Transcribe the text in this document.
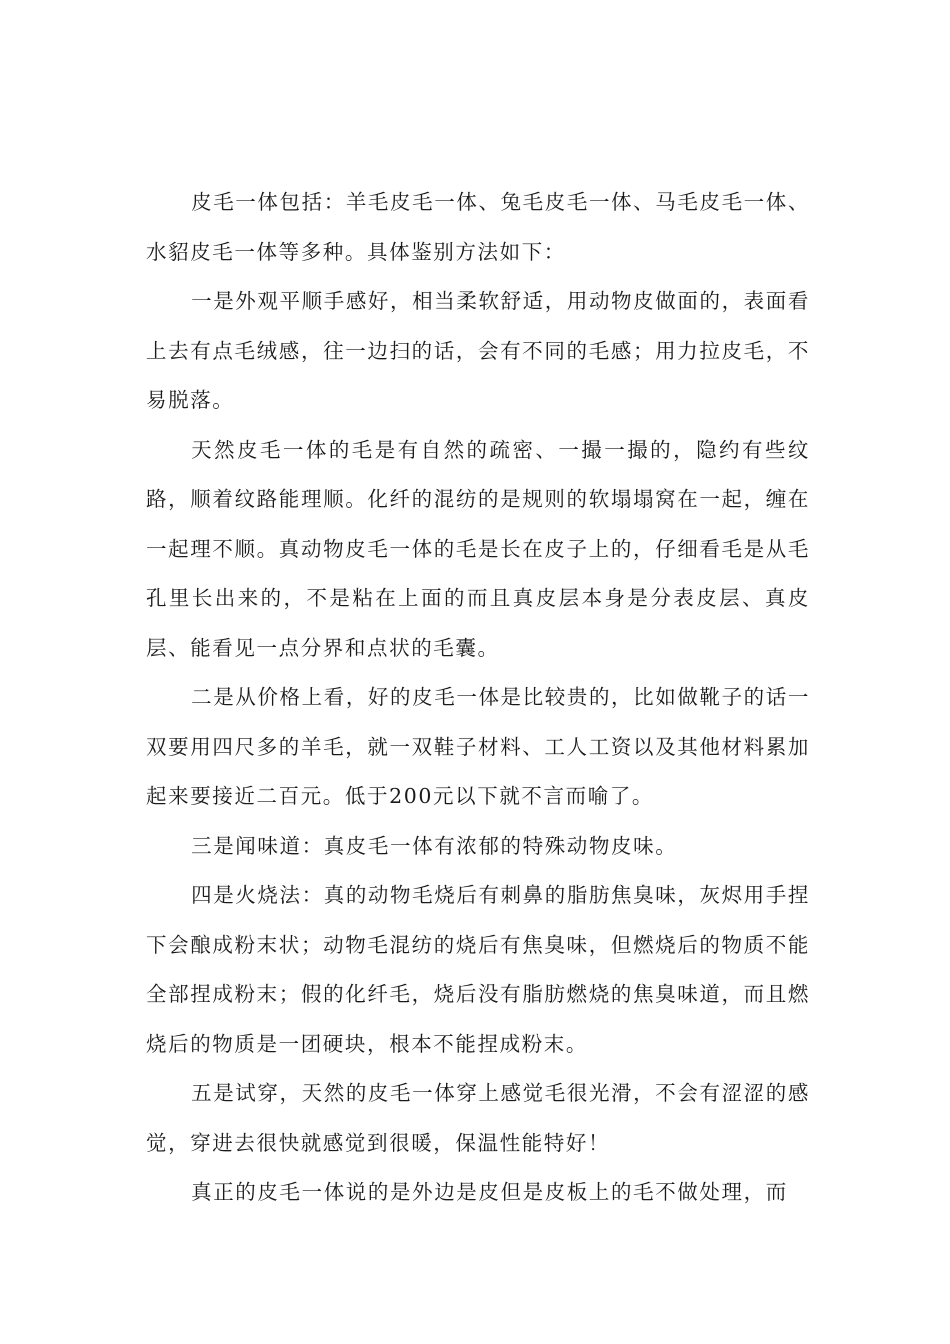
皮毛一体包括：羊毛皮毛一体、兔毛皮毛一体、马毛皮毛一体、水貂皮毛一体等多种。具体鉴别方法如下：

一是外观平顺手感好，相当柔软舒适，用动物皮做面的，表面看上去有点毛绒感，往一边扫的话，会有不同的毛感；用力拉皮毛，不易脱落。

天然皮毛一体的毛是有自然的疏密、一撮一撮的，隐约有些纹路，顺着纹路能理顺。化纤的混纺的是规则的软塌塌窝在一起，缠在一起理不顺。真动物皮毛一体的毛是长在皮子上的，仔细看毛是从毛孔里长出来的，不是粘在上面的而且真皮层本身是分表皮层、真皮层、能看见一点分界和点状的毛囊。

二是从价格上看，好的皮毛一体是比较贵的，比如做靴子的话一双要用四尺多的羊毛，就一双鞋子材料、工人工资以及其他材料累加起来要接近二百元。低于200元以下就不言而喻了。

三是闻味道：真皮毛一体有浓郁的特殊动物皮味。

四是火烧法：真的动物毛烧后有刺鼻的脂肪焦臭味，灰烬用手捏下会酿成粉末状；动物毛混纺的烧后有焦臭味，但燃烧后的物质不能全部捏成粉末；假的化纤毛，烧后没有脂肪燃烧的焦臭味道，而且燃烧后的物质是一团硬块，根本不能捏成粉末。

五是试穿，天然的皮毛一体穿上感觉毛很光滑，不会有涩涩的感觉，穿进去很快就感觉到很暖，保温性能特好！

真正的皮毛一体说的是外边是皮但是皮板上的毛不做处理，而
